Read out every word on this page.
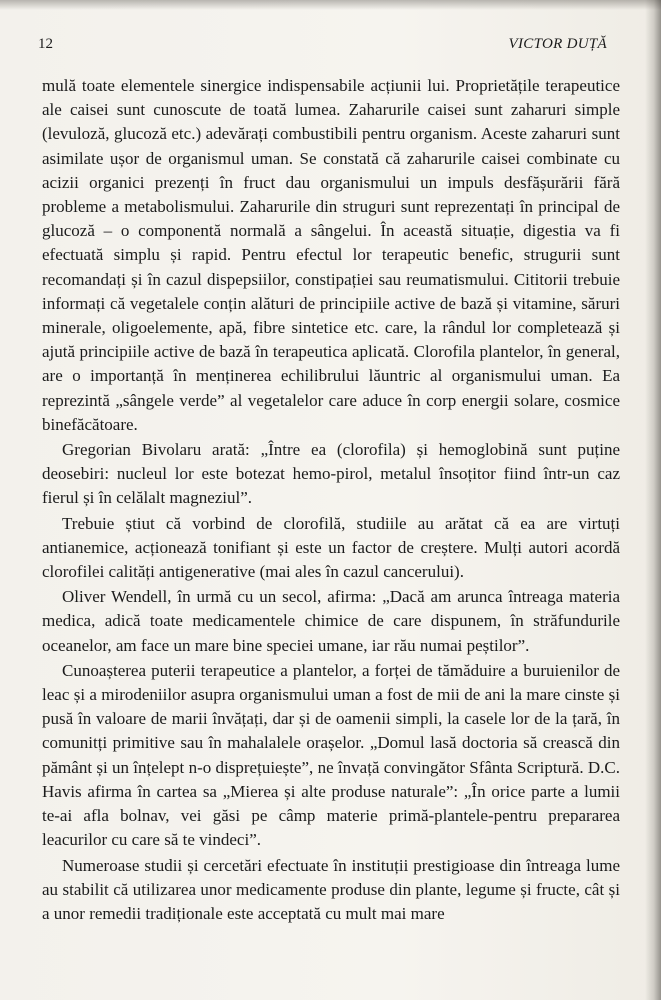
12	VICTOR DUȚĂ

mulă toate elementele sinergice indispensabile acțiunii lui. Proprietățile terapeutice ale caisei sunt cunoscute de toată lumea. Zaharurile caisei sunt zaharuri simple (levuloză, glucoză etc.) adevărați combustibili pentru organism. Aceste zaharuri sunt asimilate ușor de organismul uman. Se constată că zaharurile caisei combinate cu acizii organici prezenți în fruct dau organismului un impuls desfășurării fără probleme a metabolismului. Zaharurile din struguri sunt reprezentați în principal de glucoză – o componentă normală a sângelui. În această situație, digestia va fi efectuată simplu și rapid. Pentru efectul lor terapeutic benefic, strugurii sunt recomandați și în cazul dispepsiilor, constipației sau reumatismului. Cititorii trebuie informați că vegetalele conțin alături de principiile active de bază și vitamine, săruri minerale, oligoelemente, apă, fibre sintetice etc. care, la rândul lor completează și ajută principiile active de bază în terapeutica aplicată. Clorofila plantelor, în general, are o importanță în menținerea echilibrului lăuntric al organismului uman. Ea reprezintă „sângele verde” al vegetalelor care aduce în corp energii solare, cosmice binefăcătoare.

Gregorian Bivolaru arată: „Între ea (clorofila) și hemoglobină sunt puține deosebiri: nucleul lor este botezat hemo-pirol, metalul însoțitor fiind într-un caz fierul și în celălalt magneziul”.

Trebuie știut că vorbind de clorofilă, studiile au arătat că ea are virtuți antianemice, acționează tonifiant și este un factor de creștere. Mulți autori acordă clorofilei calități antigenerative (mai ales în cazul cancerului).

Oliver Wendell, în urmă cu un secol, afirma: „Dacă am arunca întreaga materia medica, adică toate medicamentele chimice de care dispunem, în străfundurile oceanelor, am face un mare bine speciei umane, iar rău numai peștilor”.

Cunoașterea puterii terapeutice a plantelor, a forței de tămăduire a buruienilor de leac și a mirodeniilor asupra organismului uman a fost de mii de ani la mare cinste și pusă în valoare de marii învățați, dar și de oamenii simpli, la casele lor de la țară, în comunitți primitive sau în mahalalele orașelor. „Domul lasă doctoria să crească din pământ și un înțelept n-o disprețuiește”, ne învață convingător Sfânta Scriptură. D.C. Havis afirma în cartea sa „Mierea și alte produse naturale”: „În orice parte a lumii te-ai afla bolnav, vei găsi pe câmp materie primă-plantele-pentru prepararea leacurilor cu care să te vindeci”.

Numeroase studii și cercetări efectuate în instituții prestigioase din întreaga lume au stabilit că utilizarea unor medicamente produse din plante, legume și fructe, cât și a unor remedii tradiționale este acceptată cu mult mai mare
